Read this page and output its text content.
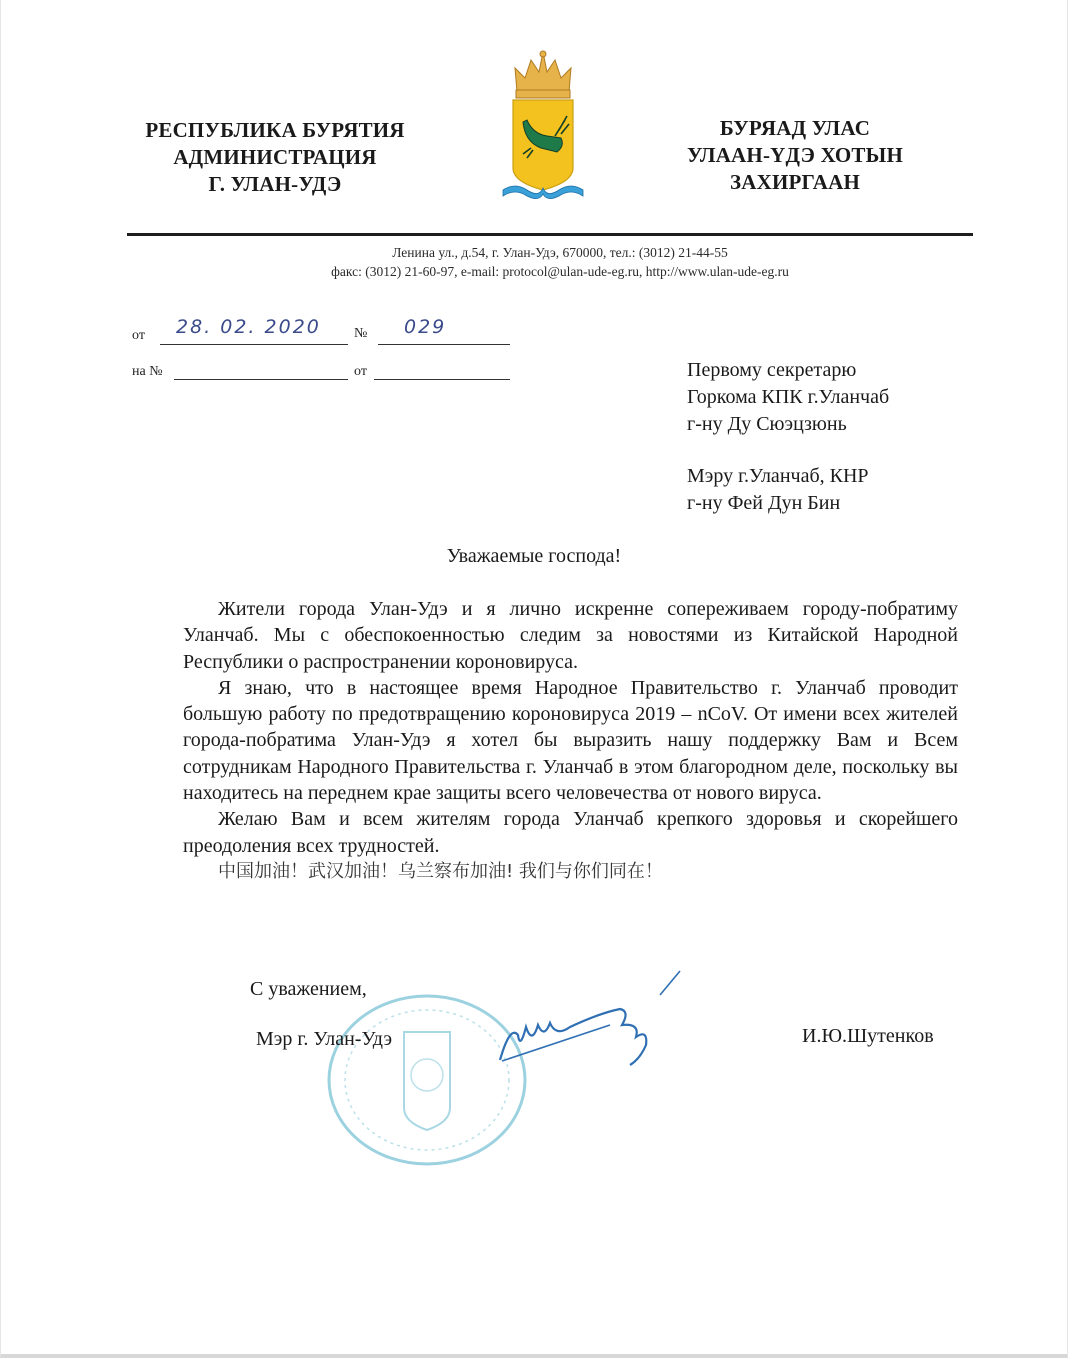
РЕСПУБЛИКА БУРЯТИЯ
АДМИНИСТРАЦИЯ
Г. УЛАН-УДЭ
БУРЯАД УЛАС
УЛААН-ҮДЭ ХОТЫН
ЗАХИРГААН
Ленина ул., д.54, г. Улан-Удэ, 670000, тел.: (3012) 21-44-55
факс: (3012) 21-60-97, e-mail: protocol@ulan-ude-eg.ru, http://www.ulan-ude-eg.ru
от 28. 02. 2020 № 029
на №	от	Первому секретарю
Горкома КПК г.Уланчаб
г-ну Ду Сюэцзюнь
Мэру г.Уланчаб, КНР
г-ну Фей Дун Бин
Уважаемые господа!

Жители города Улан-Удэ и я лично искренне сопереживаем городу-побратиму Уланчаб. Мы с обеспокоенностью следим за новостями из Китайской Народной Республики о распространении короновируса.

Я знаю, что в настоящее время Народное Правительство г. Уланчаб проводит большую работу по предотвращению короновируса 2019 – nCoV. От имени всех жителей города-побратима Улан-Удэ я хотел бы выразить нашу поддержку Вам и Всем сотрудникам Народного Правительства г. Уланчаб в этом благородном деле, поскольку вы находитесь на переднем крае защиты всего человечества от нового вируса.

Желаю Вам и всем жителям города Уланчаб крепкого здоровья и скорейшего преодоления всех трудностей.

中国加油！武汉加油！乌兰察布加油! 我们与你们同在！

С уважением,
Мэр г. Улан-Удэ	И.Ю.Шутенков
